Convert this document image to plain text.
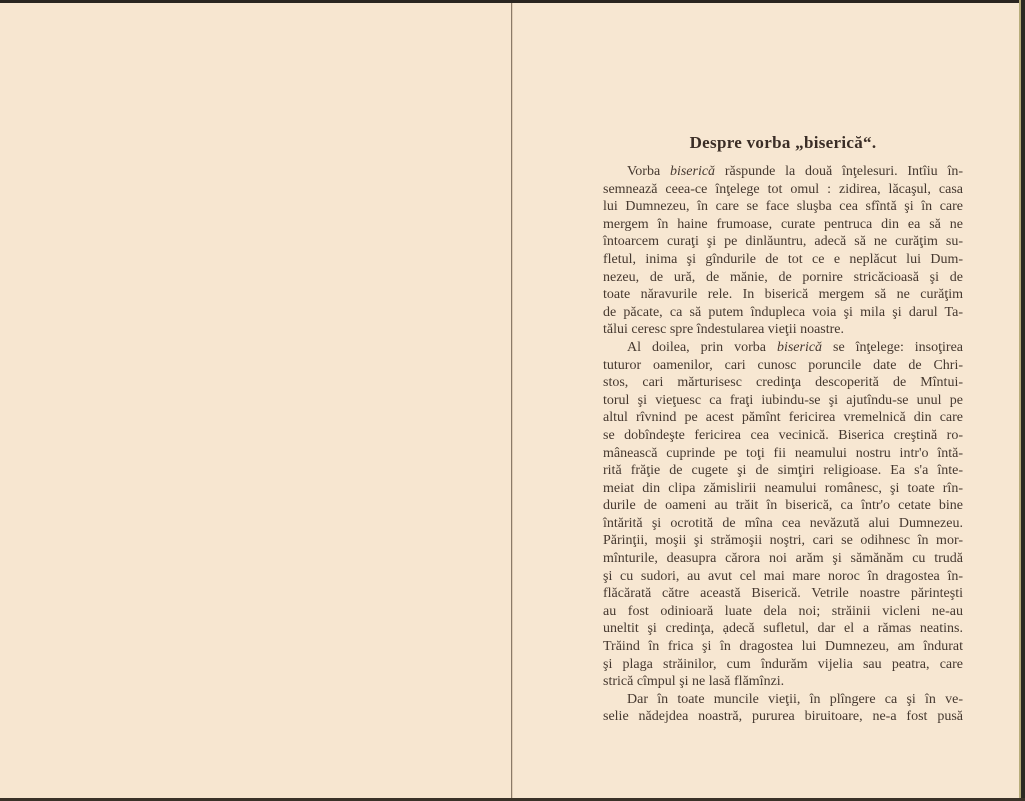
Despre vorba „biserică“.
Vorba biserică răspunde la două înţelesuri. Intîiu în-
semnează ceea-ce înţelege tot omul : zidirea, lăcaşul, casa
lui Dumnezeu, în care se face sluşba cea sfîntă şi în care
mergem în haine frumoase, curate pentruca din ea să ne
întoarcem curaţi şi pe dinlăuntru, adecă să ne curăţim su-
fletul, inima şi gîndurile de tot ce e neplăcut lui Dum-
nezeu, de ură, de mănie, de pornire stricăcioasă şi de
toate năravurile rele. In biserică mergem să ne curăţim
de păcate, ca să putem îndupleca voia şi mila şi darul Ta-
tălui ceresc spre îndestularea vieţii noastre.
Al doilea, prin vorba biserică se înţelege: insoţirea
tuturor oamenilor, cari cunosc poruncile date de Chri-
stos, cari mărturisesc credinţa descoperită de Mîntui-
torul şi vieţuesc ca fraţi iubindu-se şi ajutîndu-se unul pe
altul rîvnind pe acest pămînt fericirea vremelnică din care
se dobîndeşte fericirea cea vecinică. Biserica creştină ro-
mânească cuprinde pe toţi fii neamului nostru intr'o întă-
rită frăţie de cugete şi de simţiri religioase. Ea s'a înte-
meiat din clipa zămislirii neamului românesc, şi toate rîn-
durile de oameni au trăit în biserică, ca într'o cetate bine
întărită şi ocrotită de mîna cea nevăzută alui Dumnezeu.
Părinţii, moşii şi strămoşii noştri, cari se odihnesc în mor-
mînturile, deasupra cărora noi arăm şi sămănăm cu trudă
şi cu sudori, au avut cel mai mare noroc în dragostea în-
flăcărată către această Biserică. Vetrile noastre părinteşti
au fost odinioară luate dela noi; străinii vicleni ne-au
uneltit şi credinţa, ạdecă sufletul, dar el a rămas neatins.
Trăind în frica şi în dragostea lui Dumnezeu, am îndurat
şi plaga străinilor, cum îndurăm vijelia sau peatra, care
strică cîmpul şi ne lasă flămînzi.
Dar în toate muncile vieţii, în plîngere ca şi în ve-
selie nădejdea noastră, pururea biruitoare, ne-a fost pusă
